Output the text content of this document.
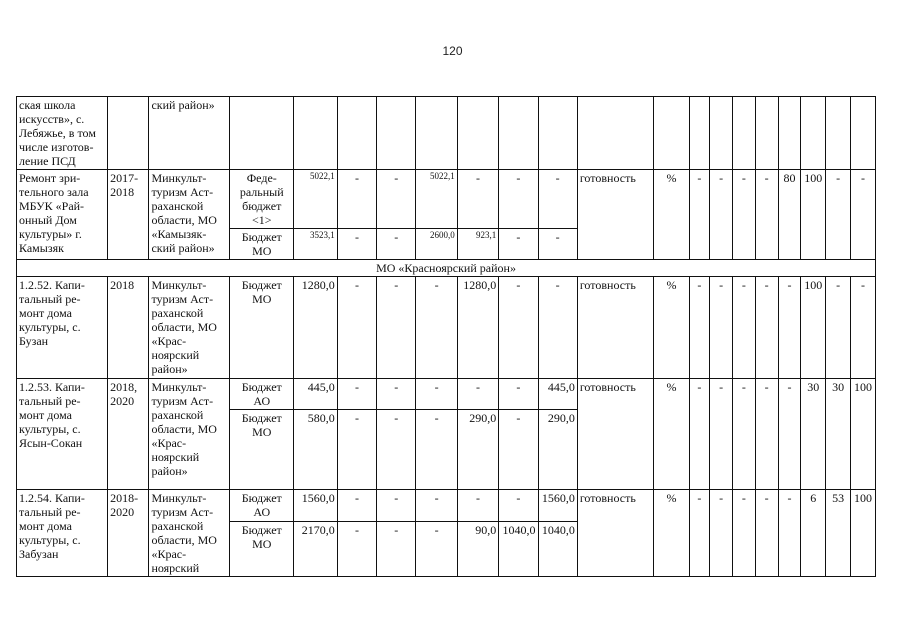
120
ская школа искусств», с. Лебяжье, в том числе изготов-ление ПСД		ский район»																		
Ремонт зри-тельного зала МБУК «Рай-онный Дом культуры» г. Камызяк	2017-2018	Минкульт-туризм Аст-раханской области, МО «Камызяк-ский район»	Феде-ральный бюджет <1>	5022,1	-	-	5022,1	-	-	-	готовность	%	-	-	-	-	80	100	-	-
			Бюджет МО	3523,1	-	-	2600,0	923,1	-	-										
МО «Красноярский район»																				
1.2.52. Капи-тальный ре-монт дома культуры, с. Бузан	2018	Минкульт-туризм Аст-раханской области, МО «Крас-ноярский район»	Бюджет МО	1280,0	-	-	-	1280,0	-	-	готовность	%	-	-	-	-	-	100	-	-
1.2.53. Капи-тальный ре-монт дома культуры, с. Ясын-Сокан	2018, 2020	Минкульт-туризм Аст-раханской области, МО «Крас-ноярский район»	Бюджет АО	445,0	-	-	-	-	-	445,0	готовность	%	-	-	-	-	-	30	30	100
			Бюджет МО	580,0	-	-	-	290,0	-	290,0										
1.2.54. Капи-тальный ре-монт дома культуры, с. Забузан	2018-2020	Минкульт-туризм Аст-раханской области, МО «Крас-ноярский	Бюджет АО	1560,0	-	-	-	-	-	1560,0	готовность	%	-	-	-	-	-	6	53	100
			Бюджет МО	2170,0	-	-	-	90,0	1040,0	1040,0										
